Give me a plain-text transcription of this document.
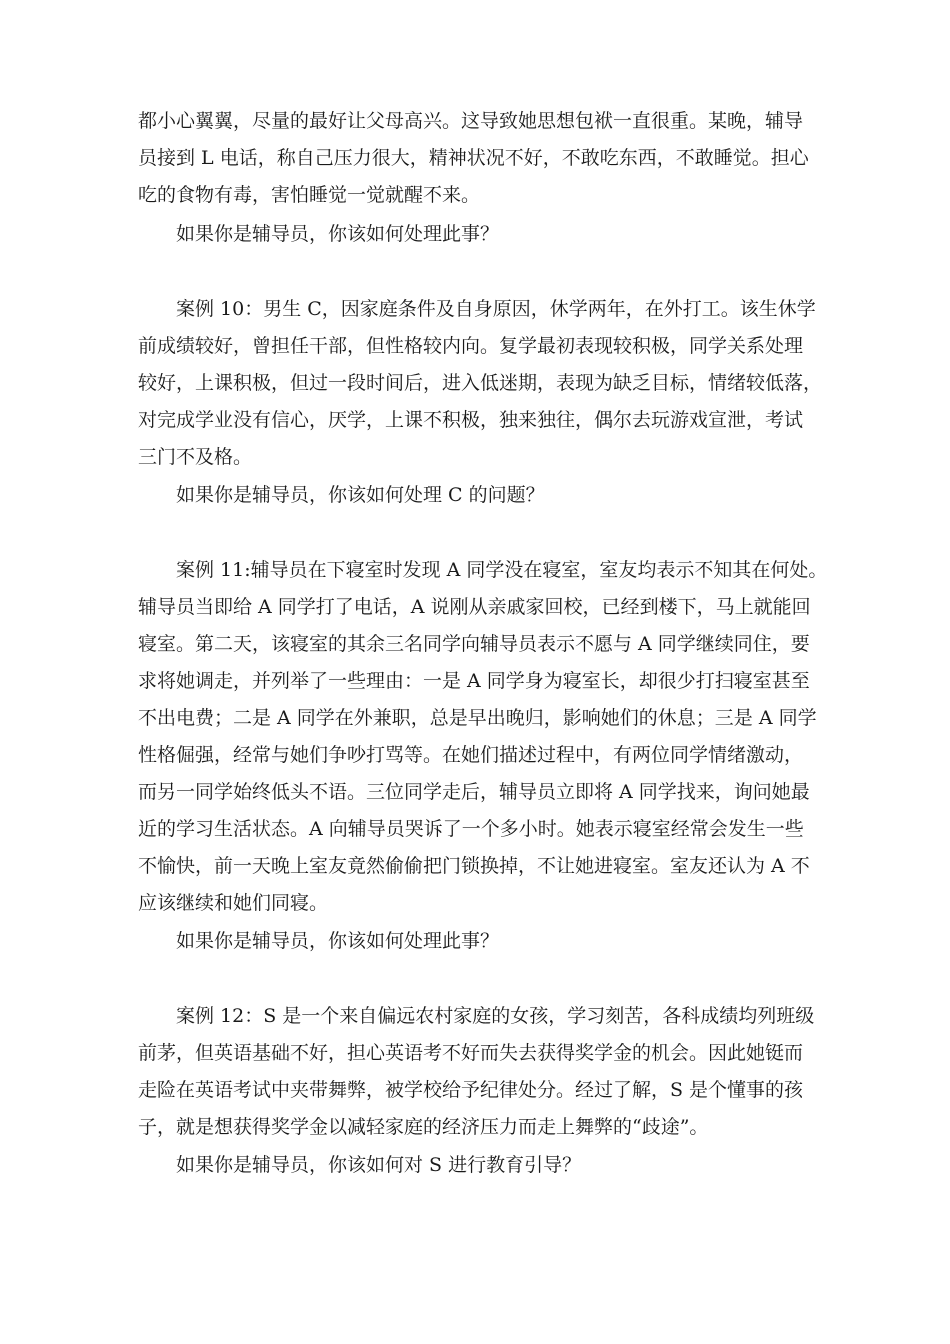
都小心翼翼，尽量的最好让父母高兴。这导致她思想包袱一直很重。某晚，辅导
员接到 L 电话，称自己压力很大，精神状况不好，不敢吃东西，不敢睡觉。担心
吃的食物有毒，害怕睡觉一觉就醒不来。
如果你是辅导员，你该如何处理此事？
案例 10：男生 C，因家庭条件及自身原因，休学两年，在外打工。该生休学
前成绩较好，曾担任干部，但性格较内向。复学最初表现较积极，同学关系处理
较好，上课积极，但过一段时间后，进入低迷期，表现为缺乏目标，情绪较低落，
对完成学业没有信心，厌学，上课不积极，独来独往，偶尔去玩游戏宣泄，考试
三门不及格。
如果你是辅导员，你该如何处理 C 的问题？
案例 11:辅导员在下寝室时发现 A 同学没在寝室，室友均表示不知其在何处。
辅导员当即给 A 同学打了电话，A 说刚从亲戚家回校，已经到楼下，马上就能回
寝室。第二天，该寝室的其余三名同学向辅导员表示不愿与 A 同学继续同住，要
求将她调走，并列举了一些理由：一是 A 同学身为寝室长，却很少打扫寝室甚至
不出电费；二是 A 同学在外兼职，总是早出晚归，影响她们的休息；三是 A 同学
性格倔强，经常与她们争吵打骂等。在她们描述过程中，有两位同学情绪激动，
而另一同学始终低头不语。三位同学走后，辅导员立即将 A 同学找来，询问她最
近的学习生活状态。A 向辅导员哭诉了一个多小时。她表示寝室经常会发生一些
不愉快，前一天晚上室友竟然偷偷把门锁换掉，不让她进寝室。室友还认为 A 不
应该继续和她们同寝。
如果你是辅导员，你该如何处理此事？
案例 12：S 是一个来自偏远农村家庭的女孩，学习刻苦，各科成绩均列班级
前茅，但英语基础不好，担心英语考不好而失去获得奖学金的机会。因此她铤而
走险在英语考试中夹带舞弊，被学校给予纪律处分。经过了解，S 是个懂事的孩
子，就是想获得奖学金以减轻家庭的经济压力而走上舞弊的“歧途”。
如果你是辅导员，你该如何对 S 进行教育引导？
